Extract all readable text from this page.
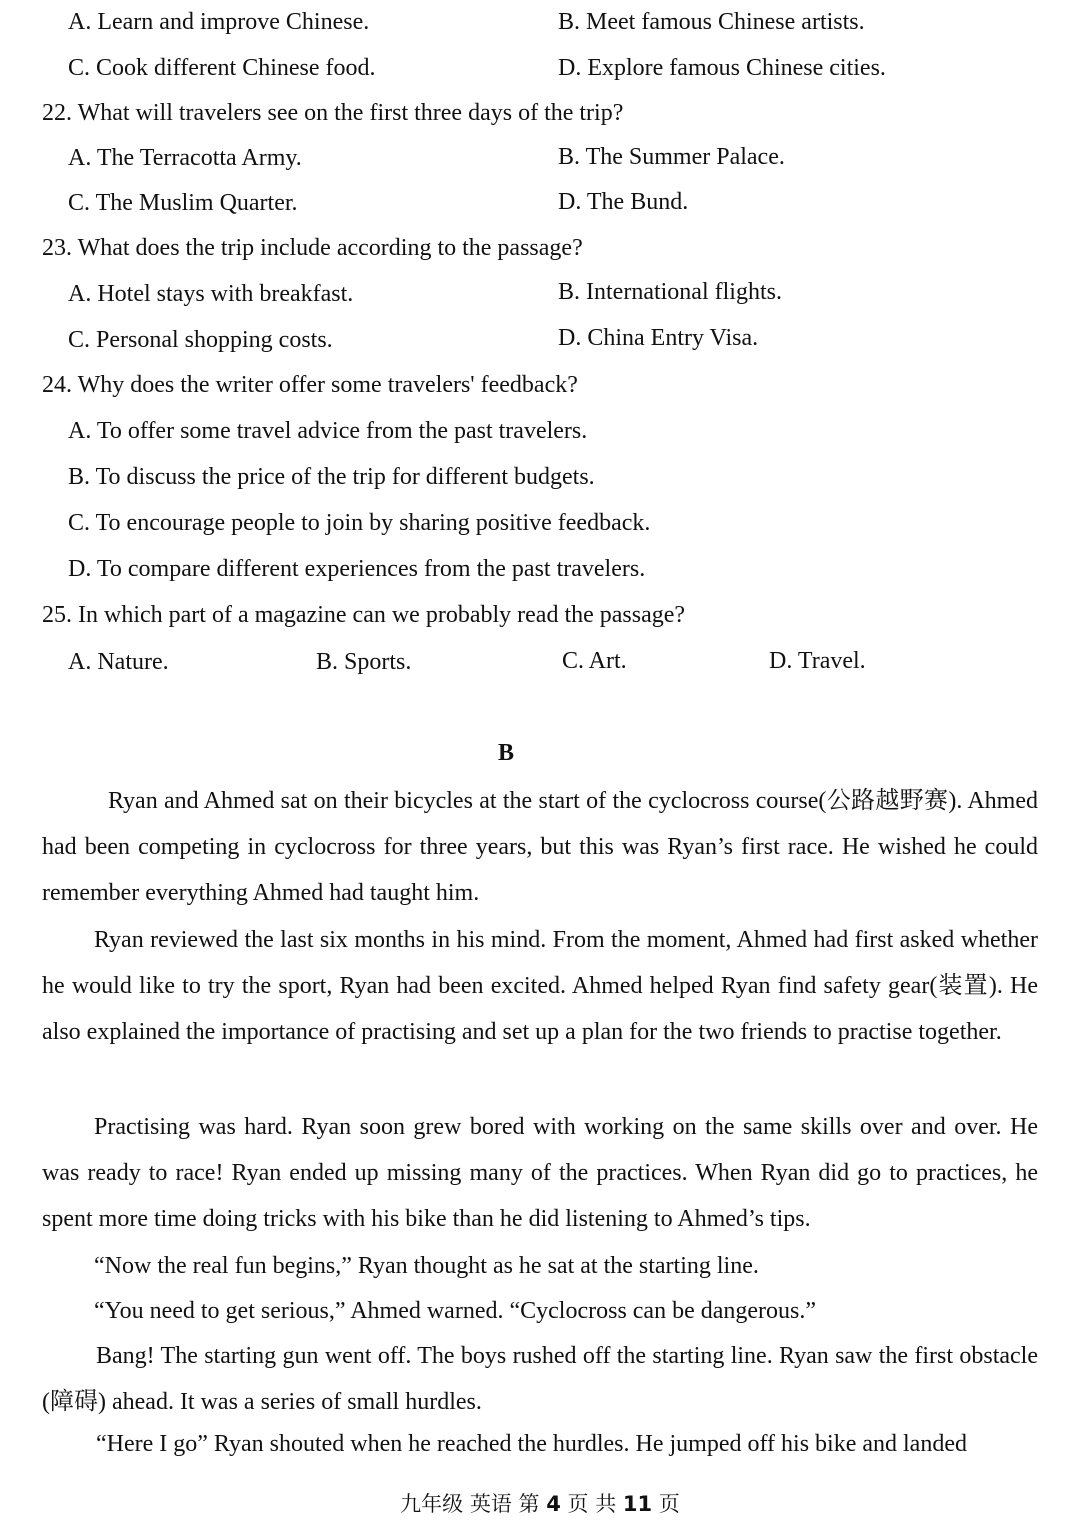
A. Learn and improve Chinese.	B. Meet famous Chinese artists.
C. Cook different Chinese food.	D. Explore famous Chinese cities.
22. What will travelers see on the first three days of the trip?
A. The Terracotta Army.	B. The Summer Palace.
C. The Muslim Quarter.	D. The Bund.
23. What does the trip include according to the passage?
A. Hotel stays with breakfast.	B. International flights.
C. Personal shopping costs.	D. China Entry Visa.
24. Why does the writer offer some travelers' feedback?
A. To offer some travel advice from the past travelers.
B. To discuss the price of the trip for different budgets.
C. To encourage people to join by sharing positive feedback.
D. To compare different experiences from the past travelers.
25. In which part of a magazine can we probably read the passage?
A. Nature.	B. Sports.	C. Art.	D. Travel.
B
Ryan and Ahmed sat on their bicycles at the start of the cyclocross course(公路越野赛). Ahmed had been competing in cyclocross for three years, but this was Ryan’s first race. He wished he could remember everything Ahmed had taught him.
Ryan reviewed the last six months in his mind. From the moment, Ahmed had first asked whether he would like to try the sport, Ryan had been excited. Ahmed helped Ryan find safety gear(装置). He also explained the importance of practising and set up a plan for the two friends to practise together.
Practising was hard. Ryan soon grew bored with working on the same skills over and over. He was ready to race! Ryan ended up missing many of the practices. When Ryan did go to practices, he spent more time doing tricks with his bike than he did listening to Ahmed’s tips.
“Now the real fun begins,” Ryan thought as he sat at the starting line.
“You need to get serious,” Ahmed warned. “Cyclocross can be dangerous.”
Bang! The starting gun went off. The boys rushed off the starting line. Ryan saw the first obstacle (障碍) ahead. It was a series of small hurdles.
“Here I go” Ryan shouted when he reached the hurdles. He jumped off his bike and landed
九年级 英语 第 4 页 共 11 页
